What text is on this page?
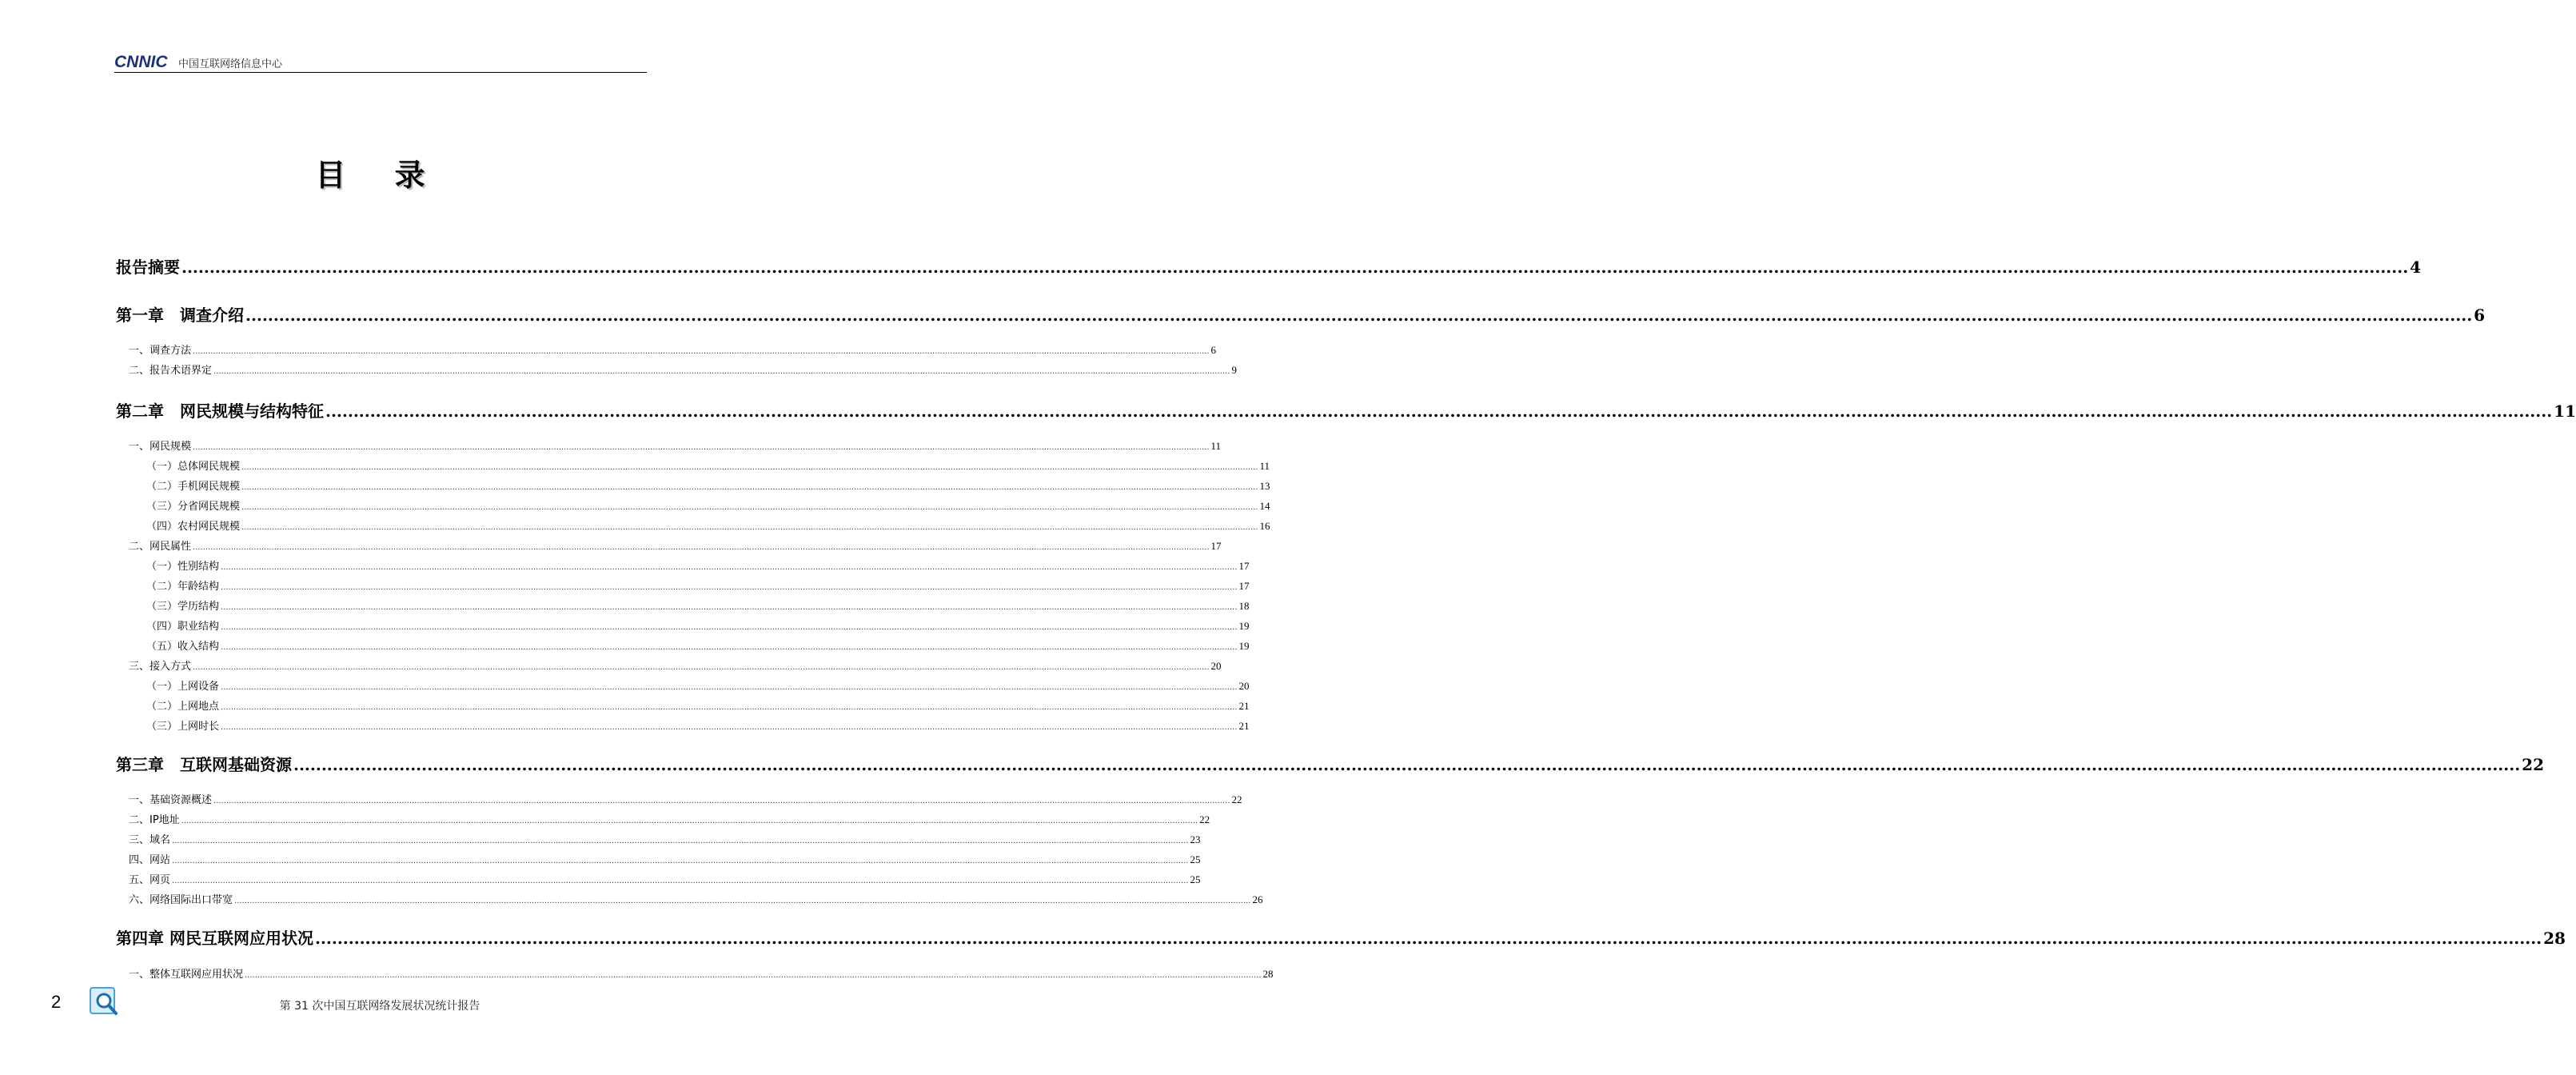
CNNIC 中国互联网络信息中心
目 录
报告摘要 ................................................................................................................................................................................................................................................................................................................................................................................................................ 4
第一章　调查介绍 ................................................................................................................................................................................................................................................................................................................................................................................................................ 6
一、调查方法 ................................................................................................................................................................................................................................................................................................................................................................................................................ 6
二、报告术语界定 ................................................................................................................................................................................................................................................................................................................................................................................................................ 9
第二章　网民规模与结构特征 ................................................................................................................................................................................................................................................................................................................................................................................................................ 11
一、网民规模 ................................................................................................................................................................................................................................................................................................................................................................................................................ 11
（一）总体网民规模 ................................................................................................................................................................................................................................................................................................................................................................................................................ 11
（二）手机网民规模 ................................................................................................................................................................................................................................................................................................................................................................................................................ 13
（三）分省网民规模 ................................................................................................................................................................................................................................................................................................................................................................................................................ 14
（四）农村网民规模 ................................................................................................................................................................................................................................................................................................................................................................................................................ 16
二、网民属性 ................................................................................................................................................................................................................................................................................................................................................................................................................ 17
（一）性别结构 ................................................................................................................................................................................................................................................................................................................................................................................................................ 17
（二）年龄结构 ................................................................................................................................................................................................................................................................................................................................................................................................................ 17
（三）学历结构 ................................................................................................................................................................................................................................................................................................................................................................................................................ 18
（四）职业结构 ................................................................................................................................................................................................................................................................................................................................................................................................................ 19
（五）收入结构 ................................................................................................................................................................................................................................................................................................................................................................................................................ 19
三、接入方式 ................................................................................................................................................................................................................................................................................................................................................................................................................ 20
（一）上网设备 ................................................................................................................................................................................................................................................................................................................................................................................................................ 20
（二）上网地点 ................................................................................................................................................................................................................................................................................................................................................................................................................ 21
（三）上网时长 ................................................................................................................................................................................................................................................................................................................................................................................................................ 21
第三章　互联网基础资源 ................................................................................................................................................................................................................................................................................................................................................................................................................ 22
一、基础资源概述 ................................................................................................................................................................................................................................................................................................................................................................................................................ 22
二、IP地址 ................................................................................................................................................................................................................................................................................................................................................................................................................ 22
三、域名 ................................................................................................................................................................................................................................................................................................................................................................................................................ 23
四、网站 ................................................................................................................................................................................................................................................................................................................................................................................................................ 25
五、网页 ................................................................................................................................................................................................................................................................................................................................................................................................................ 25
六、网络国际出口带宽 ................................................................................................................................................................................................................................................................................................................................................................................................................ 26
第四章 网民互联网应用状况 ................................................................................................................................................................................................................................................................................................................................................................................................................ 28
一、整体互联网应用状况 ................................................................................................................................................................................................................................................................................................................................................................................................................ 28
2	第 31 次中国互联网络发展状况统计报告
